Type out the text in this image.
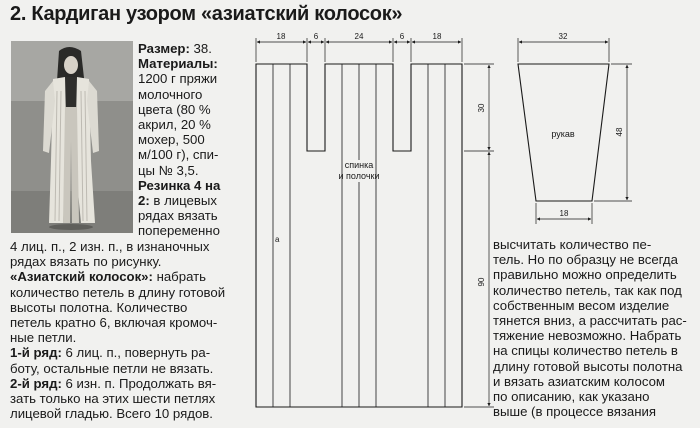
2. Кардиган узором «азиатский колосок»
Размер: 38.
Материалы:
1200 г пряжи
молочного
цвета (80 %
акрил, 20 %
мохер, 500
м/100 г), спи-
цы № 3,5.
Резинка 4 на
2: в лицевых
рядах вязать
попеременно
4 лиц. п., 2 изн. п., в изнаночных
рядах вязать по рисунку.
«Азиатский колосок»: набрать
количество петель в длину готовой
высоты полотна. Количество
петель кратно 6, включая кромоч-
ные петли.
1-й ряд: 6 лиц. п., повернуть ра-
боту, остальные петли не вязать.
2-й ряд: 6 изн. п. Продолжать вя-
зать только на этих шести петлях
лицевой гладью. Всего 10 рядов.
высчитать количество пе-
тель. Но по образцу не всегда
правильно можно определить
количество петель, так как под
собственным весом изделие
тянется вниз, а рассчитать рас-
тяжение невозможно. Набрать
на спицы количество петель в
длину готовой высоты полотна
и вязать азиатским колосом
по описанию, как указано
выше (в процессе вязания
18	6	24	6	18
30
90
спинка
и полочки
а
32
48
18
рукав
